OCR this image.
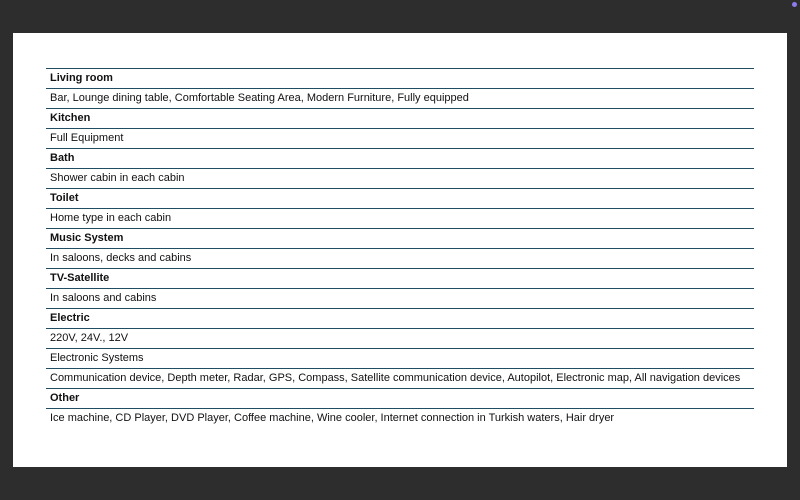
Living room
Bar, Lounge dining table, Comfortable Seating Area, Modern Furniture, Fully equipped
Kitchen
Full Equipment
Bath
Shower cabin in each cabin
Toilet
Home type in each cabin
Music System
In saloons, decks and cabins
TV-Satellite
In saloons and cabins
Electric
220V, 24V., 12V
Electronic Systems
Communication device, Depth meter, Radar, GPS, Compass, Satellite communication device, Autopilot, Electronic map, All navigation devices
Other
Ice machine, CD Player, DVD Player, Coffee machine, Wine cooler, Internet connection in Turkish waters, Hair dryer
